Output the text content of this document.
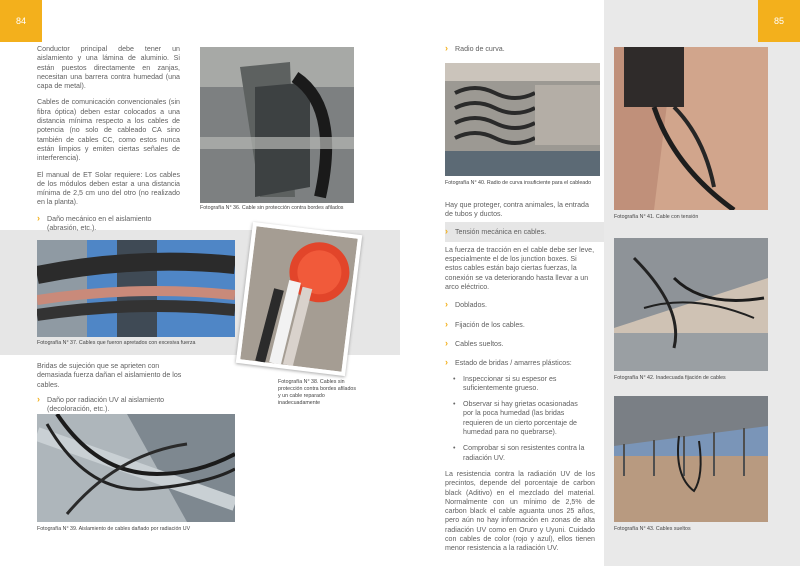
84	85

Conductor principal debe tener un aislamiento y una lámina de aluminio. Si están puestos directamente en zanjas, necesitan una barrera contra humedad (una capa de metal).

Cables de comunicación convencionales (sin fibra óptica) deben estar colocados a una distancia mínima respecto a los cables de potencia (no solo de cableado CA sino también de cables CC, como estos nunca están limpios y emiten ciertas señales de interferencia).

El manual de ET Solar requiere: Los cables de los módulos deben estar a una distancia mínima de 2,5 cm uno del otro (no realizado en la planta).

› Daño mecánico en el aislamiento (abrasión, etc.).

Bridas de sujeción que se aprieten con demasiada fuerza dañan el aislamiento de los cables.

› Daño por radiación UV al aislamiento (decoloración, etc.).

Fotografía N° 36. Cable sin protección contra bordes afilados
Fotografía N° 37. Cables que fueron apretados con excesiva fuerza
Fotografía N° 38. Cables sin protección contra bordes afilados y un cable reparado inadecuadamente
Fotografía N° 39. Aislamiento de cables dañado por radiación UV

› Radio de curva.

Fotografía N° 40. Radio de curva insuficiente para el cableado

Hay que proteger, contra animales, la entrada de tubos y ductos.

› Tensión mecánica en cables.

La fuerza de tracción en el cable debe ser leve, especialmente el de los junction boxes. Si estos cables están bajo ciertas fuerzas, la conexión se va deteriorando hasta llevar a un arco eléctrico.

› Doblados.

› Fijación de los cables.

› Cables sueltos.

› Estado de bridas / amarres plásticos:

• Inspeccionar si su espesor es suficientemente grueso.

• Observar si hay grietas ocasionadas por la poca humedad (las bridas requieren de un cierto porcentaje de humedad para no quebrarse).

• Comprobar si son resistentes contra la radiación UV.

La resistencia contra la radiación UV de los precintos, depende del porcentaje de carbon black (Aditivo) en el mezclado del material. Normalmente con un mínimo de 2,5% de carbon black el cable aguanta unos 25 años, pero aún no hay información en zonas de alta radiación UV como en Oruro y Uyuni. Cuidado con cables de color (rojo y azul), ellos tienen menor resistencia a la radiación UV.

Fotografía N° 41. Cable con tensión
Fotografía N° 42. Inadecuada fijación de cables
Fotografía N° 43. Cables sueltos
